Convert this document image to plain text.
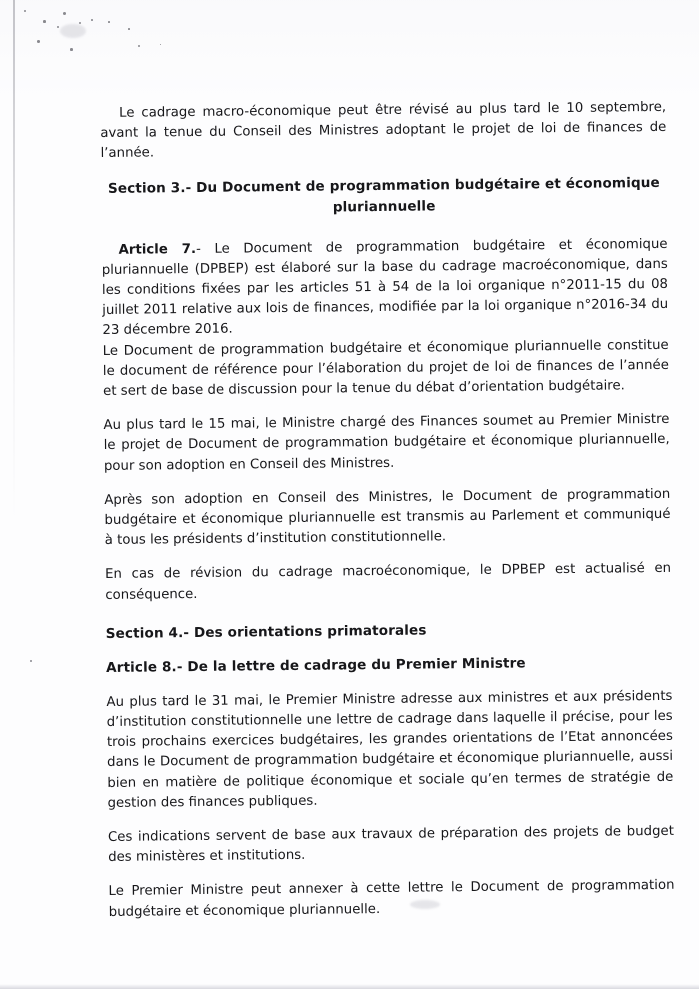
Le cadrage macro-économique peut être révisé au plus tard le 10 septembre, avant la tenue du Conseil des Ministres adoptant le projet de loi de finances de l’année.

Section 3.- Du Document de programmation budgétaire et économique pluriannuelle

Article 7.- Le Document de programmation budgétaire et économique pluriannuelle (DPBEP) est élaboré sur la base du cadrage macroéconomique, dans les conditions fixées par les articles 51 à 54 de la loi organique n°2011-15 du 08 juillet 2011 relative aux lois de finances, modifiée par la loi organique n°2016-34 du 23 décembre 2016.

Le Document de programmation budgétaire et économique pluriannuelle constitue le document de référence pour l’élaboration du projet de loi de finances de l’année et sert de base de discussion pour la tenue du débat d’orientation budgétaire.

Au plus tard le 15 mai, le Ministre chargé des Finances soumet au Premier Ministre le projet de Document de programmation budgétaire et économique pluriannuelle, pour son adoption en Conseil des Ministres.

Après son adoption en Conseil des Ministres, le Document de programmation budgétaire et économique pluriannuelle est transmis au Parlement et communiqué à tous les présidents d’institution constitutionnelle.

En cas de révision du cadrage macroéconomique, le DPBEP est actualisé en conséquence.

Section 4.- Des orientations primatorales
Article 8.- De la lettre de cadrage du Premier Ministre

Au plus tard le 31 mai, le Premier Ministre adresse aux ministres et aux présidents d’institution constitutionnelle une lettre de cadrage dans laquelle il précise, pour les trois prochains exercices budgétaires, les grandes orientations de l’Etat annoncées dans le Document de programmation budgétaire et économique pluriannuelle, aussi bien en matière de politique économique et sociale qu’en termes de stratégie de gestion des finances publiques.

Ces indications servent de base aux travaux de préparation des projets de budget des ministères et institutions.

Le Premier Ministre peut annexer à cette lettre le Document de programmation budgétaire et économique pluriannuelle.
